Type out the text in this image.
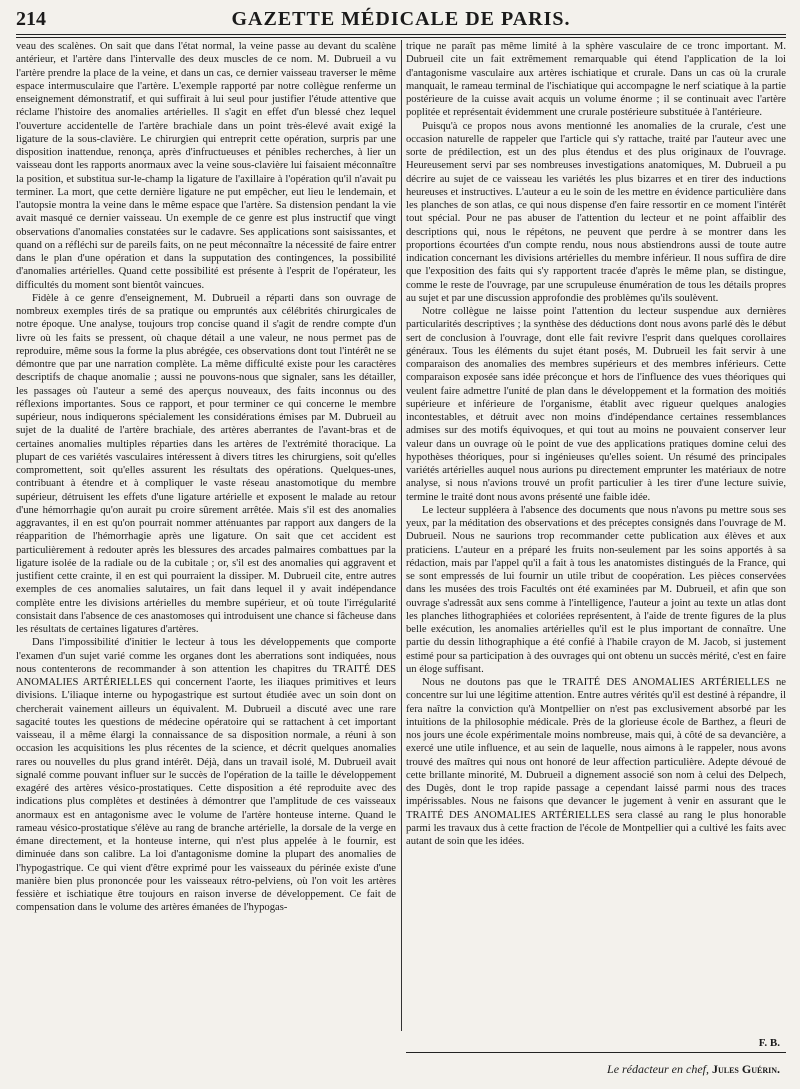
214	GAZETTE MÉDICALE DE PARIS.

veau des scalènes. On sait que dans l'état normal, la veine passe au devant du scalène antérieur, et l'artère dans l'intervalle des deux muscles de ce nom. M. Dubrueil a vu l'artère prendre la place de la veine, et dans un cas, ce dernier vaisseau traverser le même espace intermusculaire que l'artère. L'exemple rapporté par notre collègue renferme un enseignement démonstratif, et qui suffirait à lui seul pour justifier l'étude attentive que réclame l'histoire des anomalies artérielles. Il s'agit en effet d'un blessé chez lequel l'ouverture accidentelle de l'artère brachiale dans un point très-élevé avait exigé la ligature de la sous-clavière. Le chirurgien qui entreprit cette opération, surpris par une disposition inattendue, renonça, après d'infructueuses et pénibles recherches, à lier un vaisseau dont les rapports anormaux avec la veine sous-clavière lui faisaient méconnaître la position, et substitua sur-le-champ la ligature de l'axillaire à l'opération qu'il n'avait pu terminer. La mort, que cette dernière ligature ne put empêcher, eut lieu le lendemain, et l'autopsie montra la veine dans le même espace que l'artère. Sa distension pendant la vie avait masqué ce dernier vaisseau. Un exemple de ce genre est plus instructif que vingt observations d'anomalies constatées sur le cadavre. Ses applications sont saisissantes, et quand on a réfléchi sur de pareils faits, on ne peut méconnaître la nécessité de faire entrer dans le plan d'une opération et dans la supputation des contingences, la possibilité d'anomalies artérielles. Quand cette possibilité est présente à l'esprit de l'opérateur, les difficultés du moment sont bientôt vaincues.

Fidèle à ce genre d'enseignement, M. Dubrueil a réparti dans son ouvrage de nombreux exemples tirés de sa pratique ou empruntés aux célébrités chirurgicales de notre époque. Une analyse, toujours trop concise quand il s'agit de rendre compte d'un livre où les faits se pressent, où chaque détail a une valeur, ne nous permet pas de reproduire, même sous la forme la plus abrégée, ces observations dont tout l'intérêt ne se démontre que par une narration complète. La même difficulté existe pour les caractères descriptifs de chaque anomalie ; aussi ne pouvons-nous que signaler, sans les détailler, les passages où l'auteur a semé des aperçus nouveaux, des faits inconnus ou des réflexions importantes. Sous ce rapport, et pour terminer ce qui concerne le membre supérieur, nous indiquerons spécialement les considérations émises par M. Dubrueil au sujet de la dualité de l'artère brachiale, des artères aberrantes de l'avant-bras et de certaines anomalies multiples réparties dans les artères de l'extrémité thoracique. La plupart de ces variétés vasculaires intéressent à divers titres les chirurgiens, soit qu'elles compromettent, soit qu'elles assurent les résultats des opérations. Quelques-unes, contribuant à étendre et à compliquer le vaste réseau anastomotique du membre supérieur, détruisent les effets d'une ligature artérielle et exposent le malade au retour d'une hémorrhagie qu'on aurait pu croire sûrement arrêtée. Mais s'il est des anomalies aggravantes, il en est qu'on pourrait nommer atténuantes par rapport aux dangers de la réapparition de l'hémorrhagie après une ligature. On sait que cet accident est particulièrement à redouter après les blessures des arcades palmaires combattues par la ligature isolée de la radiale ou de la cubitale ; or, s'il est des anomalies qui aggravent et justifient cette crainte, il en est qui pourraient la dissiper. M. Dubrueil cite, entre autres exemples de ces anomalies salutaires, un fait dans lequel il y avait indépendance complète entre les divisions artérielles du membre supérieur, et où toute l'irrégularité consistait dans l'absence de ces anastomoses qui introduisent une chance si fâcheuse dans les résultats de certaines ligatures d'artères.

Dans l'impossibilité d'initier le lecteur à tous les développements que comporte l'examen d'un sujet varié comme les organes dont les aberrations sont indiquées, nous nous contenterons de recommander à son attention les chapitres du TRAITÉ DES ANOMALIES ARTÉRIELLES qui concernent l'aorte, les iliaques primitives et leurs divisions. L'iliaque interne ou hypogastrique est surtout étudiée avec un soin dont on chercherait vainement ailleurs un équivalent. M. Dubrueil a discuté avec une rare sagacité toutes les questions de médecine opératoire qui se rattachent à cet important vaisseau, il a même élargi la connaissance de sa disposition normale, a réuni à son occasion les acquisitions les plus récentes de la science, et décrit quelques anomalies rares ou nouvelles du plus grand intérêt. Déjà, dans un travail isolé, M. Dubrueil avait signalé comme pouvant influer sur le succès de l'opération de la taille le développement exagéré des artères vésico-prostatiques. Cette disposition a été reproduite avec des indications plus complètes et destinées à démontrer que l'amplitude de ces vaisseaux anormaux est en antagonisme avec le volume de l'artère honteuse interne. Quand le rameau vésico-prostatique s'élève au rang de branche artérielle, la dorsale de la verge en émane directement, et la honteuse interne, qui n'est plus appelée à le fournir, est diminuée dans son calibre. La loi d'antagonisme domine la plupart des anomalies de l'hypogastrique. Ce qui vient d'être exprimé pour les vaisseaux du périnée existe d'une manière bien plus prononcée pour les vaisseaux rétro-pelviens, où l'on voit les artères fessière et ischiatique être toujours en raison inverse de développement. Ce fait de compensation dans le volume des artères émanées de l'hypogas-

trique ne paraît pas même limité à la sphère vasculaire de ce tronc important. M. Dubrueil cite un fait extrêmement remarquable qui étend l'application de la loi d'antagonisme vasculaire aux artères ischiatique et crurale. Dans un cas où la crurale manquait, le rameau terminal de l'ischiatique qui accompagne le nerf sciatique à la partie postérieure de la cuisse avait acquis un volume énorme ; il se continuait avec l'artère poplitée et représentait évidemment une crurale postérieure substituée à l'antérieure.

Puisqu'à ce propos nous avons mentionné les anomalies de la crurale, c'est une occasion naturelle de rappeler que l'article qui s'y rattache, traité par l'auteur avec une sorte de prédilection, est un des plus étendus et des plus originaux de l'ouvrage. Heureusement servi par ses nombreuses investigations anatomiques, M. Dubrueil a pu décrire au sujet de ce vaisseau les variétés les plus bizarres et en tirer des inductions heureuses et instructives. L'auteur a eu le soin de les mettre en évidence particulière dans les planches de son atlas, ce qui nous dispense d'en faire ressortir en ce moment l'intérêt tout spécial. Pour ne pas abuser de l'attention du lecteur et ne point affaiblir des descriptions qui, nous le répétons, ne peuvent que perdre à se montrer dans les proportions écourtées d'un compte rendu, nous nous abstiendrons aussi de toute autre indication concernant les divisions artérielles du membre inférieur. Il nous suffira de dire que l'exposition des faits qui s'y rapportent tracée d'après le même plan, se distingue, comme le reste de l'ouvrage, par une scrupuleuse énumération de tous les détails propres au sujet et par une discussion approfondie des problèmes qu'ils soulèvent.

Notre collègue ne laisse point l'attention du lecteur suspendue aux dernières particularités descriptives ; la synthèse des déductions dont nous avons parlé dès le début sert de conclusion à l'ouvrage, dont elle fait revivre l'esprit dans quelques corollaires généraux. Tous les éléments du sujet étant posés, M. Dubrueil les fait servir à une comparaison des anomalies des membres supérieurs et des membres inférieurs. Cette comparaison exposée sans idée préconçue et hors de l'influence des vues théoriques qui veulent faire admettre l'unité de plan dans le développement et la formation des moitiés supérieure et inférieure de l'organisme, établit avec rigueur quelques analogies incontestables, et détruit avec non moins d'indépendance certaines ressemblances admises sur des motifs équivoques, et qui tout au moins ne pouvaient conserver leur valeur dans un ouvrage où le point de vue des applications pratiques domine celui des hypothèses théoriques, pour si ingénieuses qu'elles soient. Un résumé des principales variétés artérielles auquel nous aurions pu directement emprunter les matériaux de notre analyse, si nous n'avions trouvé un profit particulier à les tirer d'une lecture suivie, termine le traité dont nous avons présenté une faible idée.

Le lecteur suppléera à l'absence des documents que nous n'avons pu mettre sous ses yeux, par la méditation des observations et des préceptes consignés dans l'ouvrage de M. Dubrueil. Nous ne saurions trop recommander cette publication aux élèves et aux praticiens. L'auteur en a préparé les fruits non-seulement par les soins apportés à sa rédaction, mais par l'appel qu'il a fait à tous les anatomistes distingués de la France, qui se sont empressés de lui fournir un utile tribut de coopération. Les pièces conservées dans les musées des trois Facultés ont été examinées par M. Dubrueil, et afin que son ouvrage s'adressât aux sens comme à l'intelligence, l'auteur a joint au texte un atlas dont les planches lithographiées et coloriées représentent, à l'aide de trente figures de la plus belle exécution, les anomalies artérielles qu'il est le plus important de connaître. Une partie du dessin lithographique a été confié à l'habile crayon de M. Jacob, si justement estimé pour sa participation à des ouvrages qui ont obtenu un succès mérité, c'est en faire un éloge suffisant.

Nous ne doutons pas que le TRAITÉ DES ANOMALIES ARTÉRIELLES ne concentre sur lui une légitime attention. Entre autres vérités qu'il est destiné à répandre, il fera naître la conviction qu'à Montpellier on n'est pas exclusivement absorbé par les intuitions de la philosophie médicale. Près de la glorieuse école de Barthez, a fleuri de nos jours une école expérimentale moins nombreuse, mais qui, à côté de sa devancière, a exercé une utile influence, et au sein de laquelle, nous aimons à le rappeler, nous avons trouvé des maîtres qui nous ont honoré de leur affection particulière. Adepte dévoué de cette brillante minorité, M. Dubrueil a dignement associé son nom à celui des Delpech, des Dugès, dont le trop rapide passage a cependant laissé parmi nous des traces impérissables. Nous ne faisons que devancer le jugement à venir en assurant que le TRAITÉ DES ANOMALIES ARTÉRIELLES sera classé au rang le plus honorable parmi les travaux dus à cette fraction de l'école de Montpellier qui a cultivé les faits avec autant de soin que les idées.

F. B.
Le rédacteur en chef, Jules Guérin.
